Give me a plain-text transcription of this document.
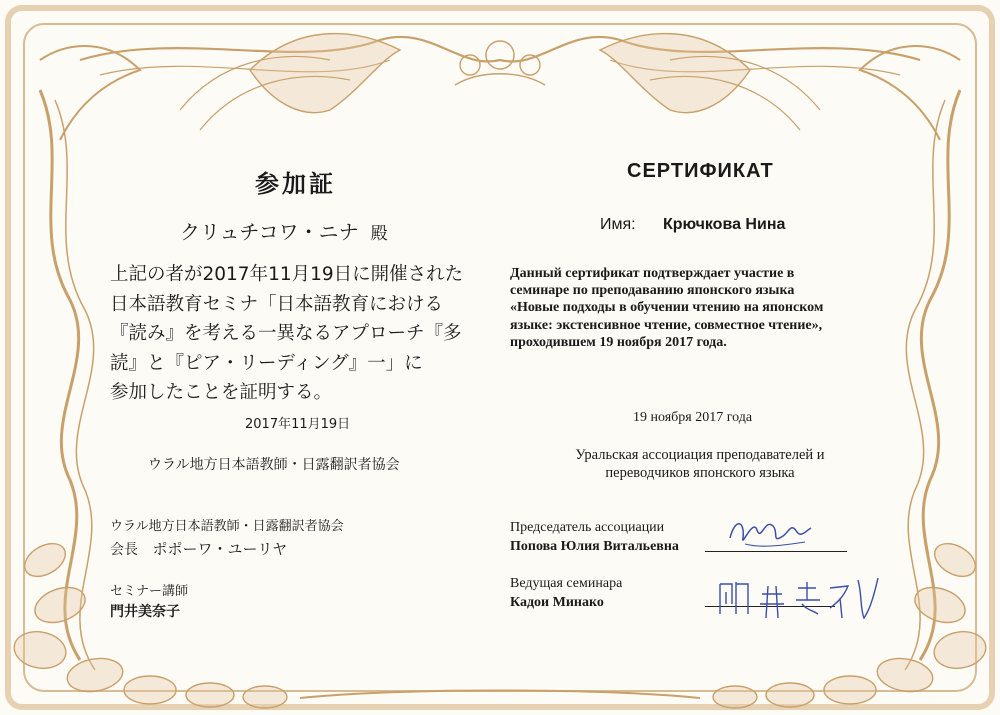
参加証
クリュチコワ・ニナ 殿
上記の者が2017年11月19日に開催された
日本語教育セミナ「日本語教育における
『読み』を考える一異なるアプローチ『多
読』と『ピア・リーディング』一」に
参加したことを証明する。
2017年11月19日
ウラル地方日本語教師・日露翻訳者協会
ウラル地方日本語教師・日露翻訳者協会
会長 ポポーワ・ユーリヤ
セミナー講師
門井美奈子
СЕРТИФИКАТ
Имя: Крючкова Нина
Данный сертификат подтверждает участие в
семинаре по преподаванию японского языка
«Новые подходы в обучении чтению на японском
языке: экстенсивное чтение, совместное чтение»,
проходившем 19 ноября 2017 года.
19 ноября 2017 года
Уральская ассоциация преподавателей и
переводчиков японского языка
Председатель ассоциации
Попова Юлия Витальевна
Ведущая семинара
Кадои Минако
